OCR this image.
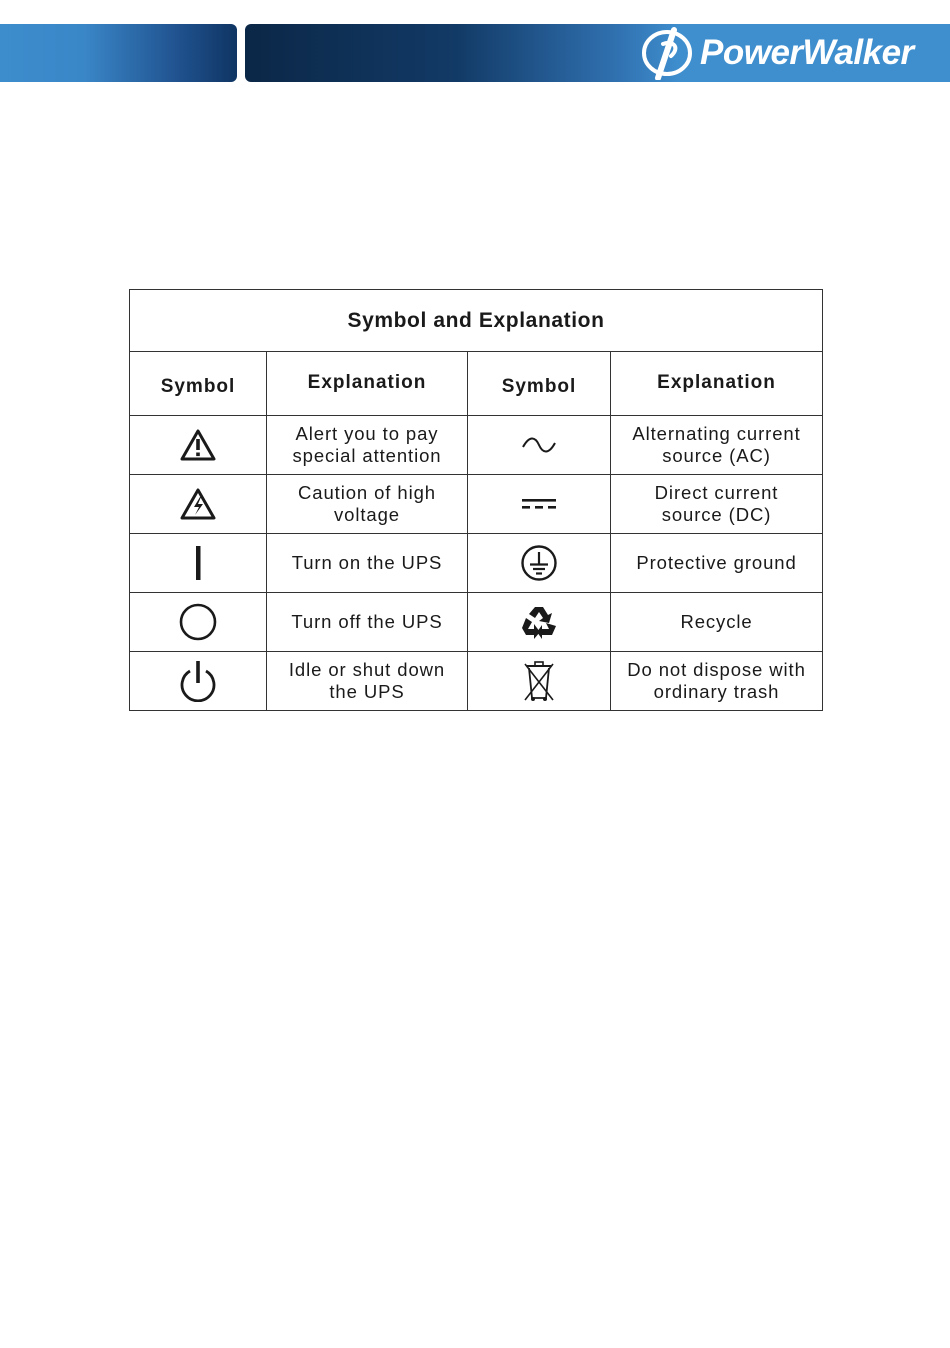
PowerWalker
Symbol and Explanation			
Symbol	Explanation	Symbol	Explanation

	Alert you to pay special attention		Alternating current source (AC)

	Caution of high voltage		Direct current source (DC)

	Turn on the UPS		Protective ground

	Turn off the UPS		Recycle

	Idle or shut down the UPS		Do not dispose with ordinary trash
